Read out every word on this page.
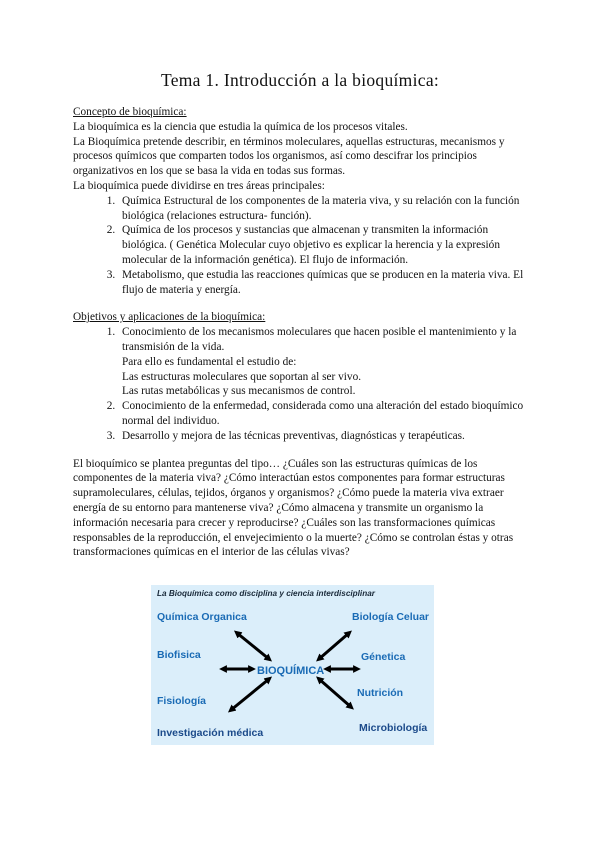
Tema 1. Introducción a la bioquímica:

Concepto de bioquímica:

La bioquímica es la ciencia que estudia la química de los procesos vitales.

La Bioquímica pretende describir, en términos moleculares, aquellas estructuras, mecanismos y procesos químicos que comparten todos los organismos, así como descifrar los principios organizativos en los que se basa la vida en todas sus formas.

La bioquímica puede dividirse en tres áreas principales:

1. Química Estructural de los componentes de la materia viva, y su relación con la función biológica (relaciones estructura- función).
2. Química de los procesos y sustancias que almacenan y transmiten la información biológica. ( Genética Molecular cuyo objetivo es explicar la herencia y la expresión molecular de la información genética). El flujo de información.
3. Metabolismo, que estudia las reacciones químicas que se producen en la materia viva. El flujo de materia y energía.

Objetivos y aplicaciones de la bioquímica:

1. Conocimiento de los mecanismos moleculares que hacen posible el mantenimiento y la transmisión de la vida.
Para ello es fundamental el estudio de:
Las estructuras moleculares que soportan al ser vivo.
Las rutas metabólicas y sus mecanismos de control.
2. Conocimiento de la enfermedad, considerada como una alteración del estado bioquímico normal del individuo.
3. Desarrollo y mejora de las técnicas preventivas, diagnósticas y terapéuticas.

El bioquímico se plantea preguntas del tipo… ¿Cuáles son las estructuras químicas de los componentes de la materia viva? ¿Cómo interactúan estos componentes para formar estructuras supramoleculares, células, tejidos, órganos y organismos? ¿Cómo puede la materia viva extraer energía de su entorno para mantenerse viva? ¿Cómo almacena y transmite un organismo la información necesaria para crecer y reproducirse? ¿Cuáles son las transformaciones químicas responsables de la reproducción, el envejecimiento o la muerte? ¿Cómo se controlan éstas y otras transformaciones químicas en el interior de las células vivas?

La Bioquímica como disciplina y ciencia interdisciplinar
Química Organica
Biofisica
Fisiología
Investigación médica
BIOQUÍMICA
Biología Celuar
Génetica
Nutrición
Microbiología
